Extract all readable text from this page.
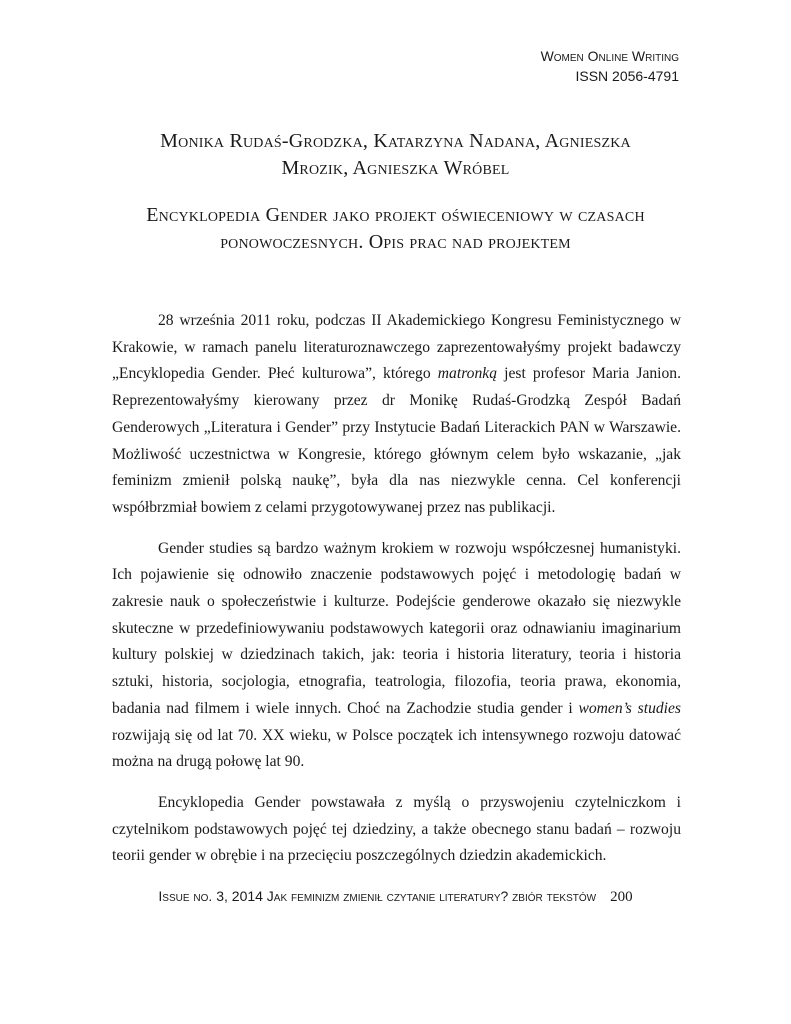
Women Online Writing
ISSN 2056-4791
Monika Rudaś-Grodzka, Katarzyna Nadana, Agnieszka
Mrozik, Agnieszka Wróbel
Encyklopedia Gender jako projekt oświeceniowy w czasach
ponowoczesnych. Opis prac nad projektem

28 września 2011 roku, podczas II Akademickiego Kongresu Feministycznego w Krakowie, w ramach panelu literaturoznawczego zaprezentowałyśmy projekt badawczy „Encyklopedia Gender. Płeć kulturowa”, którego matronką jest profesor Maria Janion. Reprezentowałyśmy kierowany przez dr Monikę Rudaś-Grodzką Zespół Badań Genderowych „Literatura i Gender” przy Instytucie Badań Literackich PAN w Warszawie. Możliwość uczestnictwa w Kongresie, którego głównym celem było wskazanie, „jak feminizm zmienił polską naukę”, była dla nas niezwykle cenna. Cel konferencji współbrzmiał bowiem z celami przygotowywanej przez nas publikacji.

Gender studies są bardzo ważnym krokiem w rozwoju współczesnej humanistyki. Ich pojawienie się odnowiło znaczenie podstawowych pojęć i metodologię badań w zakresie nauk o społeczeństwie i kulturze. Podejście genderowe okazało się niezwykle skuteczne w przedefiniowywaniu podstawowych kategorii oraz odnawianiu imaginarium kultury polskiej w dziedzinach takich, jak: teoria i historia literatury, teoria i historia sztuki, historia, socjologia, etnografia, teatrologia, filozofia, teoria prawa, ekonomia, badania nad filmem i wiele innych. Choć na Zachodzie studia gender i women’s studies rozwijają się od lat 70. XX wieku, w Polsce początek ich intensywnego rozwoju datować można na drugą połowę lat 90.

Encyklopedia Gender powstawała z myślą o przyswojeniu czytelniczkom i czytelnikom podstawowych pojęć tej dziedziny, a także obecnego stanu badań – rozwoju teorii gender w obrębie i na przecięciu poszczególnych dziedzin akademickich.

Issue no. 3, 2014 Jak feminizm zmienił czytanie literatury? zbiór tekstów 200
